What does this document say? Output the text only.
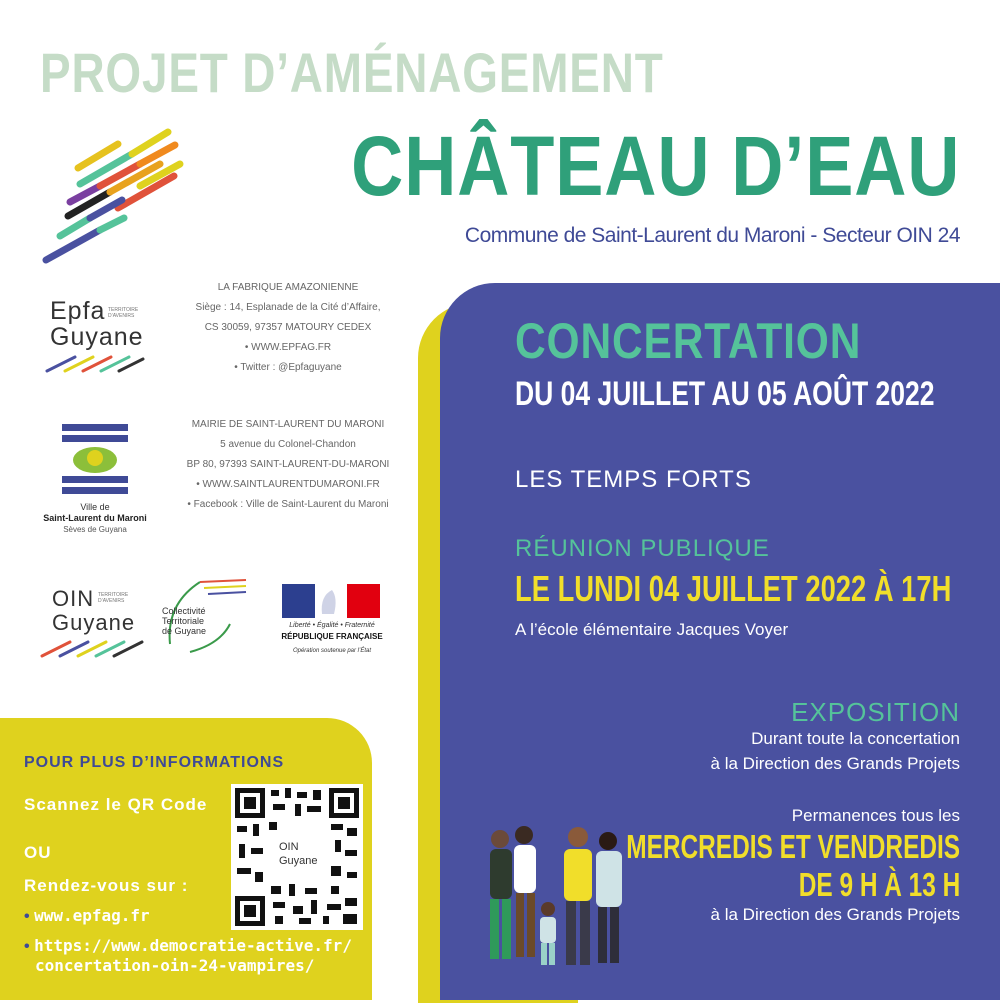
PROJET D’AMÉNAGEMENT
CHÂTEAU D’EAU
Commune de Saint-Laurent du Maroni - Secteur OIN 24
Epfa TERRITOIRE D’AVENIRS
Guyane
LA FABRIQUE AMAZONIENNE
Siège : 14, Esplanade de la Cité d’Affaire,
CS 30059, 97357 MATOURY CEDEX
• WWW.EPFAG.FR
• Twitter : @Epfaguyane
Ville de
Saint-Laurent du Maroni
Sèves de Guyana
MAIRIE DE SAINT-LAURENT DU MARONI
5 avenue du Colonel-Chandon
BP 80, 97393 SAINT-LAURENT-DU-MARONI
• WWW.SAINTLAURENTDUMARONI.FR
• Facebook : Ville de Saint-Laurent du Maroni
OIN TERRITOIRE D’AVENIRS
Guyane	Collectivité
Territoriale
de Guyane
Liberté • Égalité • Fraternité
RÉPUBLIQUE FRANÇAISE
Opération soutenue par l’État
POUR PLUS D’INFORMATIONS
Scannez le QR Code
OU
Rendez-vous sur :
• www.epfag.fr
• https://www.democratie-active.fr/
concertation-oin-24-vampires/
OIN
Guyane
CONCERTATION
DU 04 JUILLET AU 05 AOÛT 2022
LES TEMPS FORTS
RÉUNION PUBLIQUE
LE LUNDI 04 JUILLET 2022 À 17H
A l’école élémentaire Jacques Voyer
EXPOSITION
Durant toute la concertation
à la Direction des Grands Projets
Permanences tous les
MERCREDIS ET VENDREDIS
DE 9 H À 13 H
à la Direction des Grands Projets
